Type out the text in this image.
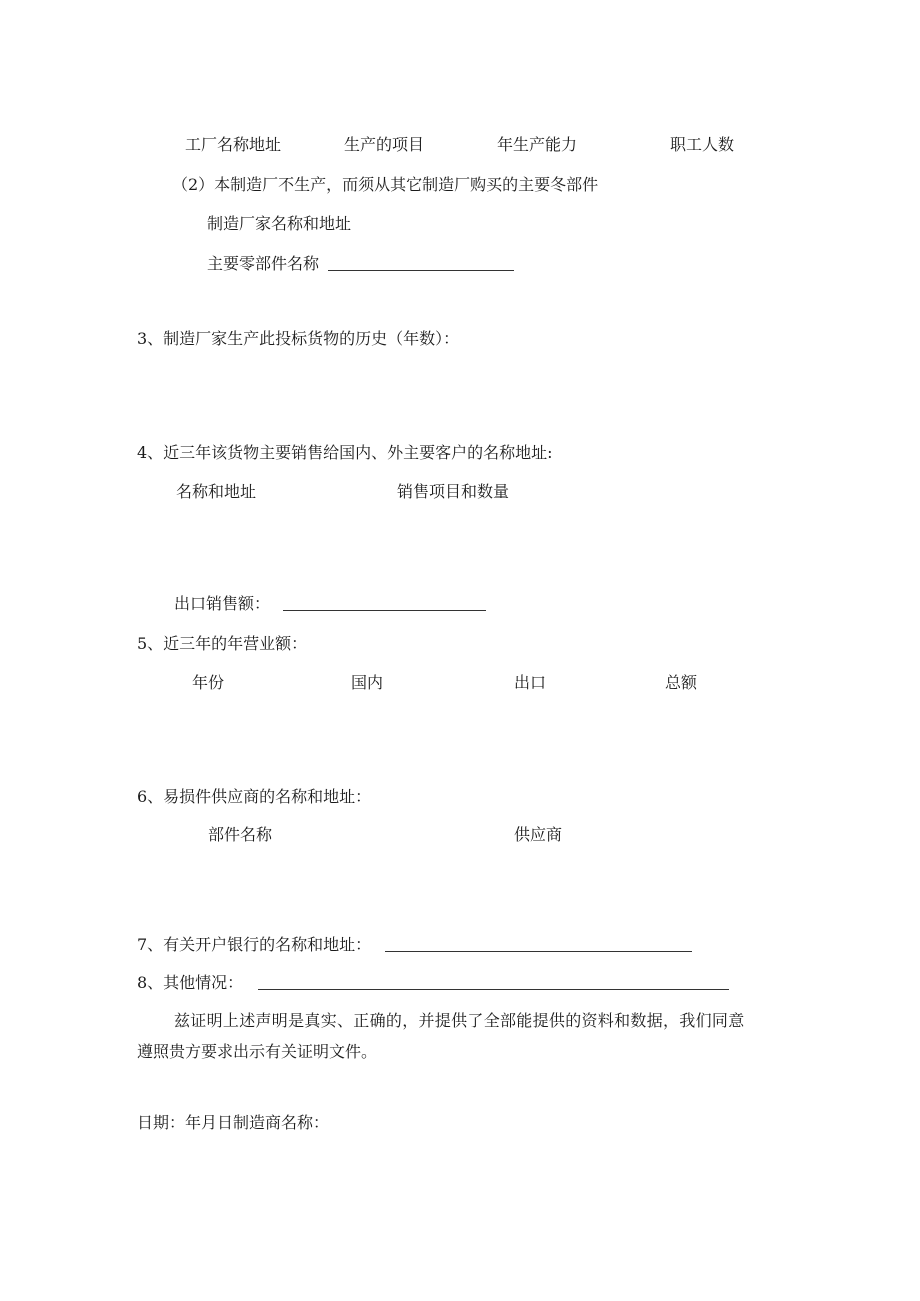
工厂名称地址	生产的项目	年生产能力	职工人数
（2）本制造厂不生产，而须从其它制造厂购买的主要冬部件
制造厂家名称和地址
主要零部件名称
3、制造厂家生产此投标货物的历史（年数）：
4、近三年该货物主要销售给国内、外主要客户的名称地址:
名称和地址	销售项目和数量
出口销售额：
5、近三年的年营业额：
年份	国内	出口	总额
6、易损件供应商的名称和地址：
部件名称	供应商
7、有关开户银行的名称和地址：
8、其他情况：
兹证明上述声明是真实、正确的，并提供了全部能提供的资料和数据，我们同意
遵照贵方要求出示有关证明文件。
日期：年月日制造商名称：
